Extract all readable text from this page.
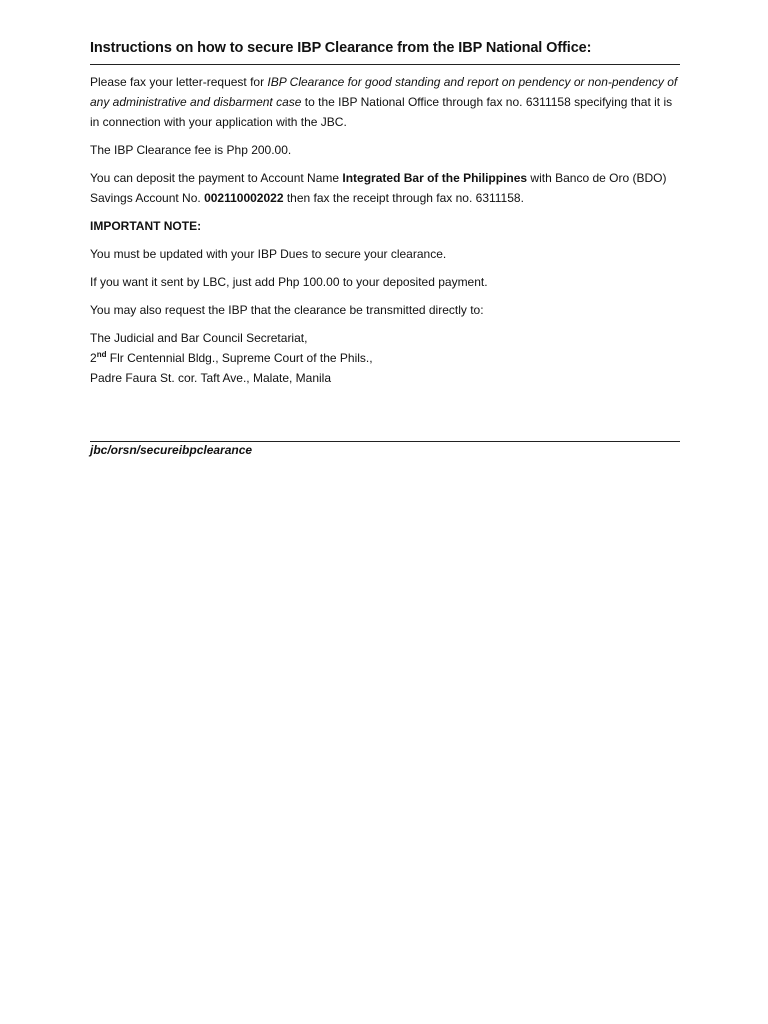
Instructions on how to secure IBP Clearance from the IBP National Office:

Please fax your letter-request for IBP Clearance for good standing and report on pendency or non-pendency of any administrative and disbarment case to the IBP National Office through fax no. 6311158 specifying that it is in connection with your application with the JBC.

The IBP Clearance fee is Php 200.00.

You can deposit the payment to Account Name Integrated Bar of the Philippines with Banco de Oro (BDO) Savings Account No. 002110002022 then fax the receipt through fax no. 6311158.

IMPORTANT NOTE:

You must be updated with your IBP Dues to secure your clearance.

If you want it sent by LBC, just add Php 100.00 to your deposited payment.

You may also request the IBP that the clearance be transmitted directly to:

The Judicial and Bar Council Secretariat,

2nd Flr Centennial Bldg., Supreme Court of the Phils.,

Padre Faura St. cor. Taft Ave., Malate, Manila

jbc/orsn/secureibpclearance
